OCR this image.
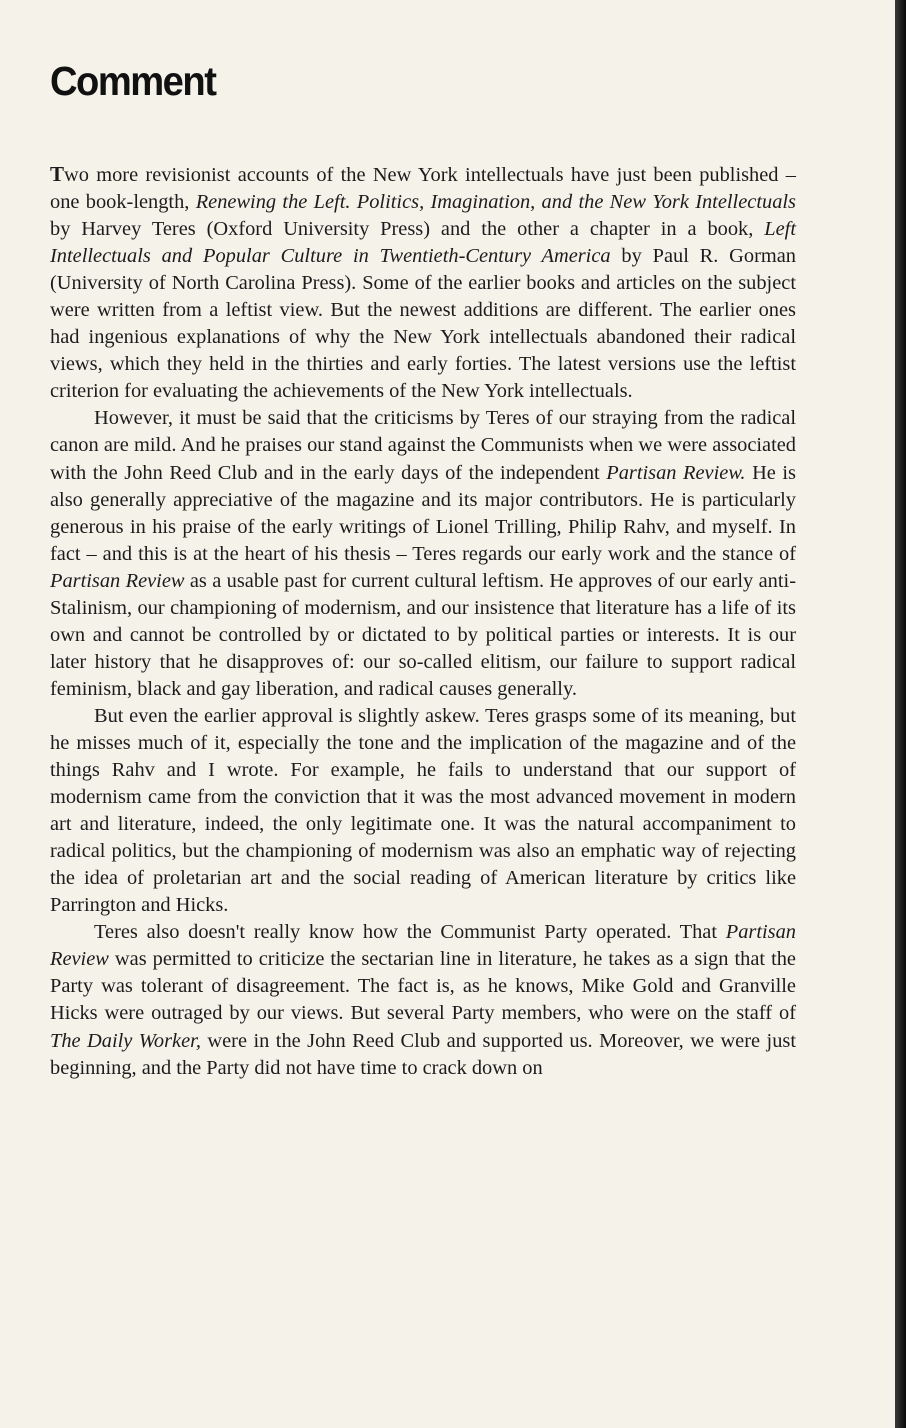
Comment

Two more revisionist accounts of the New York intellectuals have just been published – one book-length, Renewing the Left. Politics, Imagination, and the New York Intellectuals by Harvey Teres (Oxford University Press) and the other a chapter in a book, Left Intellectuals and Popular Culture in Twentieth-Century America by Paul R. Gorman (University of North Carolina Press). Some of the earlier books and articles on the subject were written from a leftist view. But the newest additions are different. The earlier ones had ingenious explanations of why the New York intellectuals abandoned their radical views, which they held in the thirties and early forties. The latest versions use the leftist criterion for evaluating the achievements of the New York intellectuals.

However, it must be said that the criticisms by Teres of our straying from the radical canon are mild. And he praises our stand against the Communists when we were associated with the John Reed Club and in the early days of the independent Partisan Review. He is also generally appreciative of the magazine and its major contributors. He is particularly generous in his praise of the early writings of Lionel Trilling, Philip Rahv, and myself. In fact – and this is at the heart of his thesis – Teres regards our early work and the stance of Partisan Review as a usable past for current cultural leftism. He approves of our early anti-Stalinism, our championing of modernism, and our insistence that literature has a life of its own and cannot be controlled by or dictated to by political parties or interests. It is our later history that he disapproves of: our so-called elitism, our failure to support radical feminism, black and gay liberation, and radical causes generally.

But even the earlier approval is slightly askew. Teres grasps some of its meaning, but he misses much of it, especially the tone and the implication of the magazine and of the things Rahv and I wrote. For example, he fails to understand that our support of modernism came from the conviction that it was the most advanced movement in modern art and literature, indeed, the only legitimate one. It was the natural accompaniment to radical politics, but the championing of modernism was also an emphatic way of rejecting the idea of proletarian art and the social reading of American literature by critics like Parrington and Hicks.

Teres also doesn't really know how the Communist Party operated. That Partisan Review was permitted to criticize the sectarian line in literature, he takes as a sign that the Party was tolerant of disagreement. The fact is, as he knows, Mike Gold and Granville Hicks were outraged by our views. But several Party members, who were on the staff of The Daily Worker, were in the John Reed Club and supported us. Moreover, we were just beginning, and the Party did not have time to crack down on
